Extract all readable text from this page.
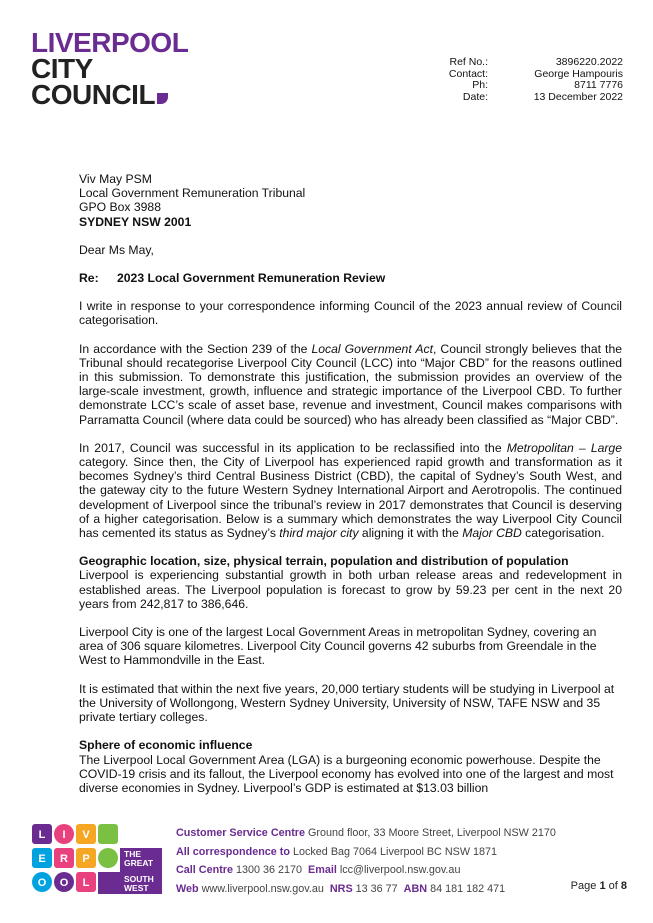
LIVERPOOL
CITY
COUNCIL
Ref No.:	3896220.2022
Contact:	George Hampouris
Ph:	8711 7776
Date:	13 December 2022
Viv May PSM
Local Government Remuneration Tribunal
GPO Box 3988
SYDNEY NSW 2001

Dear Ms May,

Re: 2023 Local Government Remuneration Review

I write in response to your correspondence informing Council of the 2023 annual review of Council categorisation.

In accordance with the Section 239 of the Local Government Act, Council strongly believes that the Tribunal should recategorise Liverpool City Council (LCC) into “Major CBD” for the reasons outlined in this submission. To demonstrate this justification, the submission provides an overview of the large-scale investment, growth, influence and strategic importance of the Liverpool CBD. To further demonstrate LCC’s scale of asset base, revenue and investment, Council makes comparisons with Parramatta Council (where data could be sourced) who has already been classified as “Major CBD”.

In 2017, Council was successful in its application to be reclassified into the Metropolitan – Large category. Since then, the City of Liverpool has experienced rapid growth and transformation as it becomes Sydney’s third Central Business District (CBD), the capital of Sydney’s South West, and the gateway city to the future Western Sydney International Airport and Aerotropolis. The continued development of Liverpool since the tribunal’s review in 2017 demonstrates that Council is deserving of a higher categorisation. Below is a summary which demonstrates the way Liverpool City Council has cemented its status as Sydney’s third major city aligning it with the Major CBD categorisation.

Geographic location, size, physical terrain, population and distribution of population

Liverpool is experiencing substantial growth in both urban release areas and redevelopment in established areas. The Liverpool population is forecast to grow by 59.23 per cent in the next 20 years from 242,817 to 386,646.

Liverpool City is one of the largest Local Government Areas in metropolitan Sydney, covering an area of 306 square kilometres. Liverpool City Council governs 42 suburbs from Greendale in the West to Hammondville in the East.

It is estimated that within the next five years, 20,000 tertiary students will be studying in Liverpool at the University of Wollongong, Western Sydney University, University of NSW, TAFE NSW and 35 private tertiary colleges.

Sphere of economic influence

The Liverpool Local Government Area (LGA) is a burgeoning economic powerhouse. Despite the COVID-19 crisis and its fallout, the Liverpool economy has evolved into one of the largest and most diverse economies in Sydney. Liverpool’s GDP is estimated at $13.03 billion

L I V
E R P
O O L
THE
GREAT
SOUTH
WEST
Customer Service Centre Ground floor, 33 Moore Street, Liverpool NSW 2170
All correspondence to Locked Bag 7064 Liverpool BC NSW 1871
Call Centre 1300 36 2170 Email lcc@liverpool.nsw.gov.au
Web www.liverpool.nsw.gov.au NRS 13 36 77 ABN 84 181 182 471	Page 1 of 8
